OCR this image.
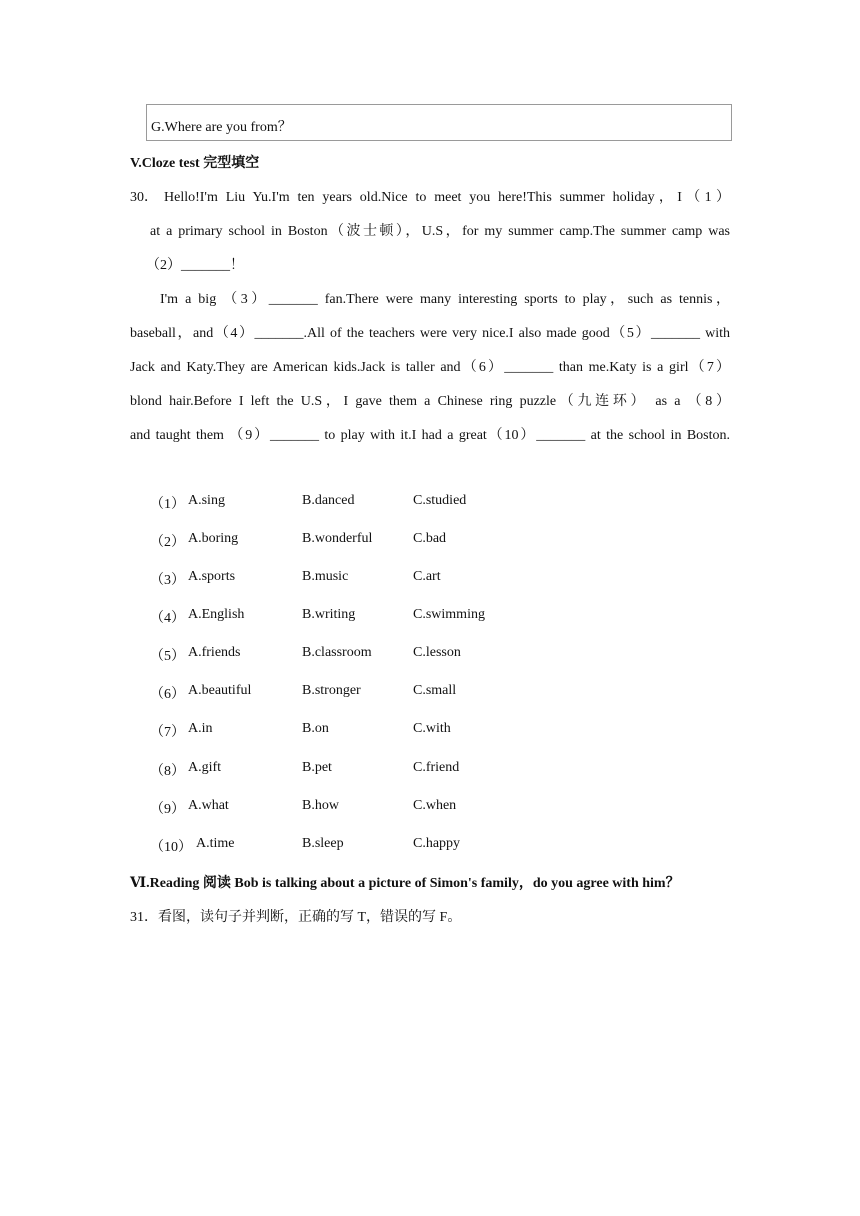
G.Where are you from？
V.Cloze test 完型填空
30． Hello!I'm Liu Yu.I'm ten years old.Nice to meet you here!This summer holiday，I（1）
at a primary school in Boston（波士顿），U.S，for my summer camp.The summer camp was
（2）_______！
I'm a big （3）_______ fan.There were many interesting sports to play，such as tennis，
baseball，and（4）_______.All of the teachers were very nice.I also made good（5）_______ with
Jack and Katy.They are American kids.Jack is taller and（6）_______ than me.Katy is a girl（7）
blond hair.Before I left the U.S，I gave them a Chinese ring puzzle（九连环） as a （8）
and taught them （9）_______ to play with it.I had a great（10）_______ at the school in Boston.
（1） A.sing	B.danced	C.studied
（2） A.boring	B.wonderful	C.bad
（3） A.sports	B.music	C.art
（4） A.English	B.writing	C.swimming
（5） A.friends	B.classroom	C.lesson
（6） A.beautiful	B.stronger	C.small
（7） A.in	B.on	C.with
（8） A.gift	B.pet	C.friend
（9） A.what	B.how	C.when
（10） A.time	B.sleep	C.happy
Ⅵ.Reading 阅读 Bob is talking about a picture of Simon's family，do you agree with him？
31．看图，读句子并判断，正确的写 T，错误的写 F。
